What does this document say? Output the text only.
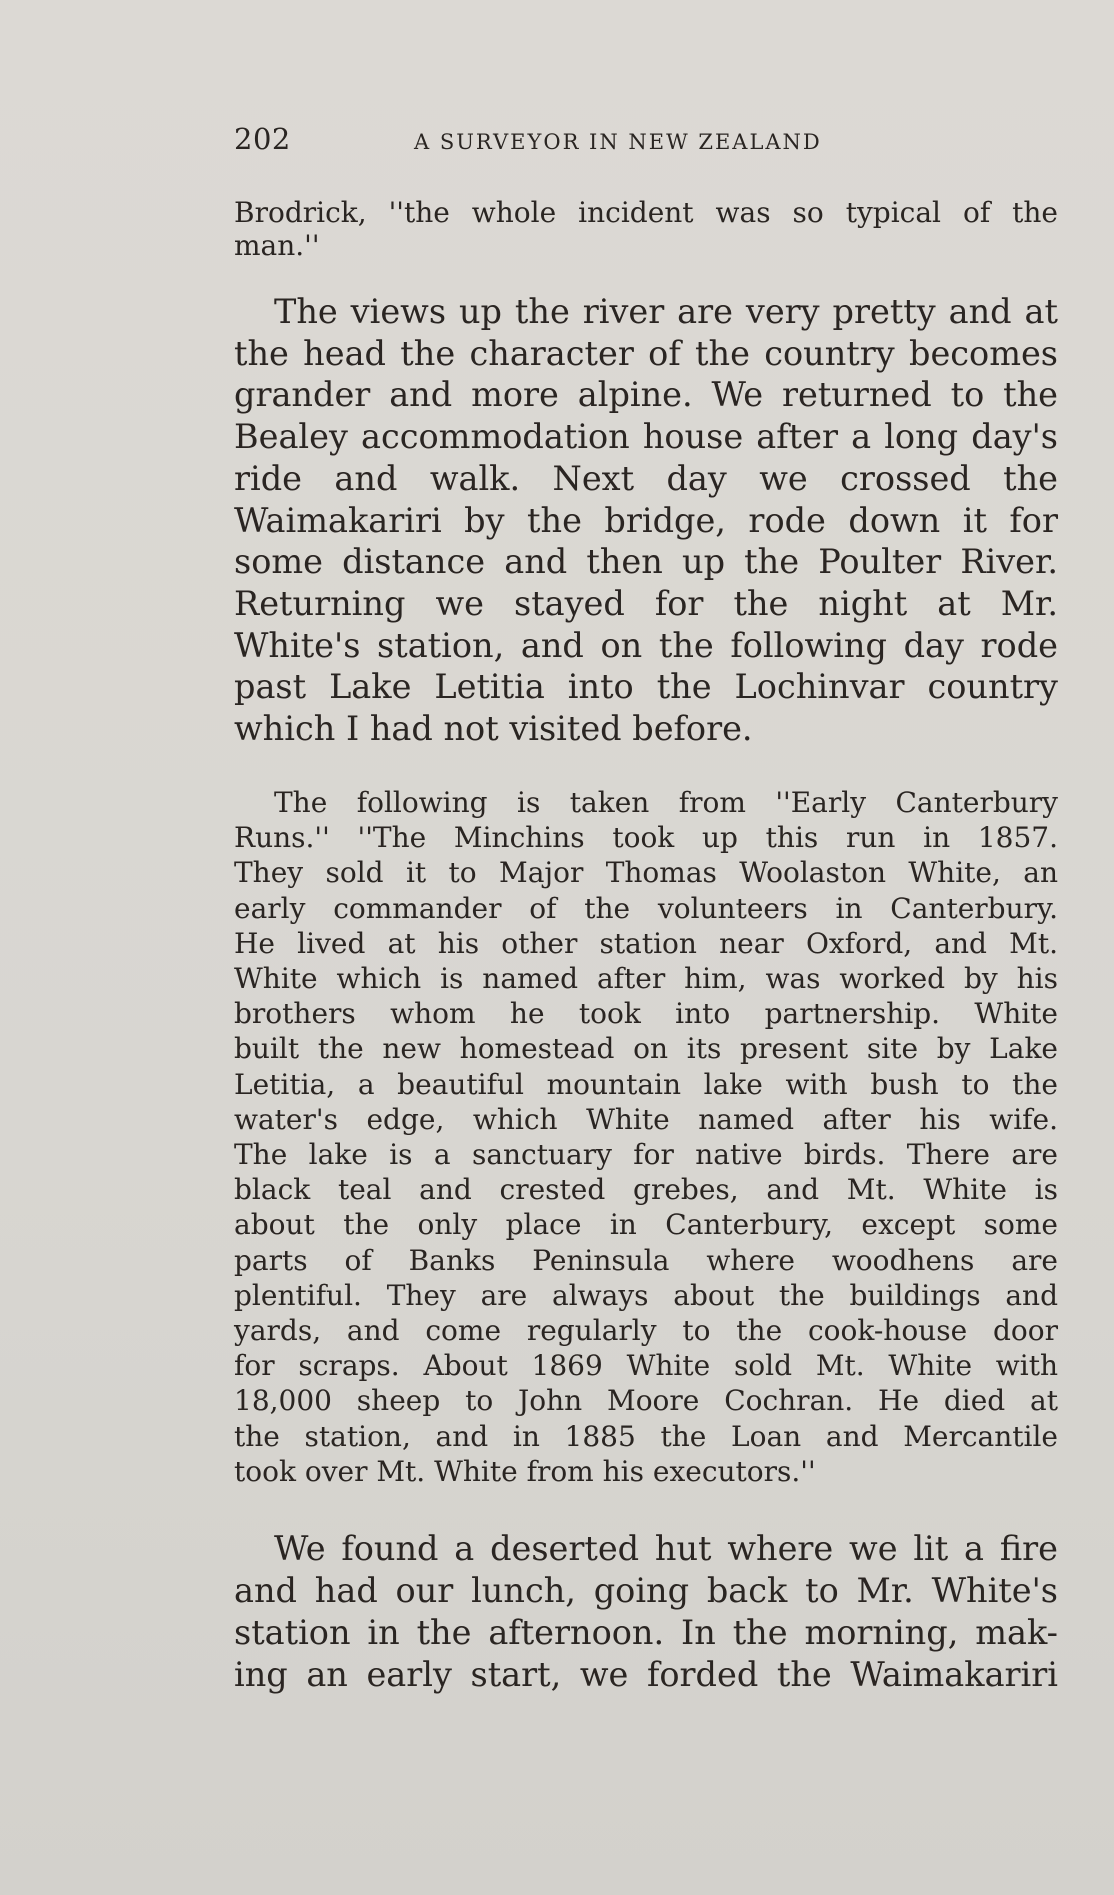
202	A SURVEYOR IN NEW ZEALAND

Brodrick, ''the whole incident was so typical of the
man.''

The views up the river are very pretty and at
the head the character of the country becomes
grander and more alpine. We returned to the
Bealey accommodation house after a long day's
ride and walk. Next day we crossed the
Waimakariri by the bridge, rode down it for
some distance and then up the Poulter River.
Returning we stayed for the night at Mr.
White's station, and on the following day rode
past Lake Letitia into the Lochinvar country
which I had not visited before.

The following is taken from ''Early Canterbury
Runs.'' ''The Minchins took up this run in 1857.
They sold it to Major Thomas Woolaston White, an
early commander of the volunteers in Canterbury.
He lived at his other station near Oxford, and Mt.
White which is named after him, was worked by his
brothers whom he took into partnership. White
built the new homestead on its present site by Lake
Letitia, a beautiful mountain lake with bush to the
water's edge, which White named after his wife.
The lake is a sanctuary for native birds. There are
black teal and crested grebes, and Mt. White is
about the only place in Canterbury, except some
parts of Banks Peninsula where woodhens are
plentiful. They are always about the buildings and
yards, and come regularly to the cook-house door
for scraps. About 1869 White sold Mt. White with
18,000 sheep to John Moore Cochran. He died at
the station, and in 1885 the Loan and Mercantile
took over Mt. White from his executors.''

We found a deserted hut where we lit a fire
and had our lunch, going back to Mr. White's
station in the afternoon. In the morning, mak-
ing an early start, we forded the Waimakariri
